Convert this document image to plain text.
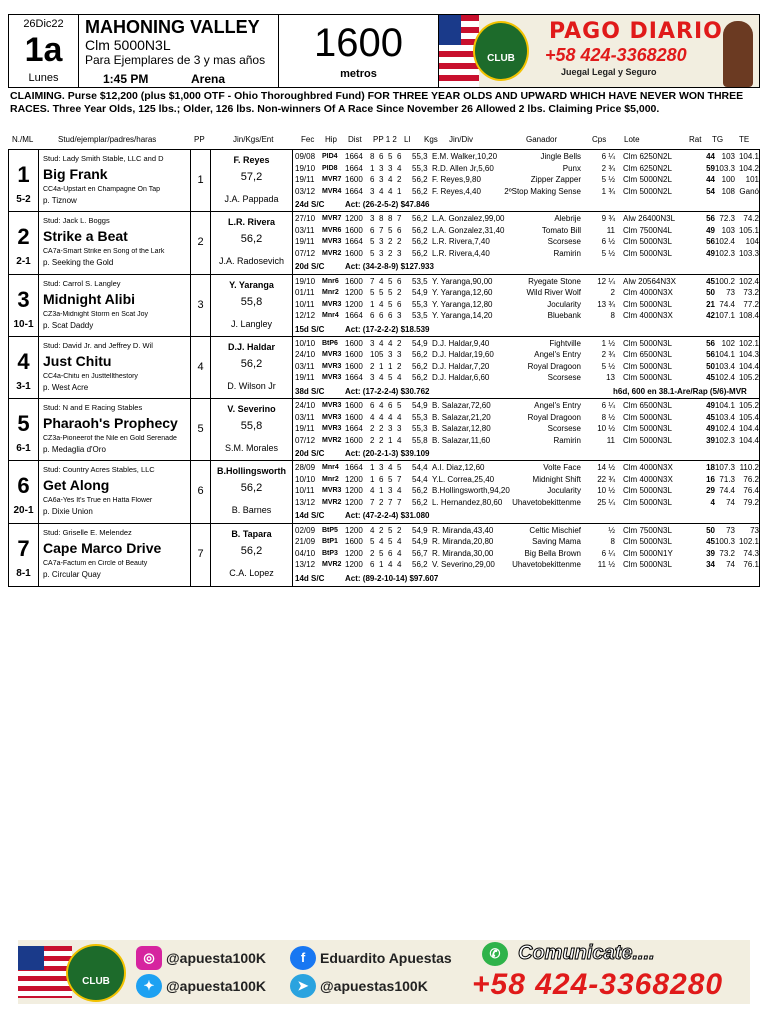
26Dic22
1a
Lunes
MAHONING VALLEY
Clm 5000N3L
Para Ejemplares de 3 y mas años
1:45 PM	Arena
1600
metros
CLUB
PAGO DIARIO
+58 424-3368280
Juegal Legal y Seguro
CLAIMING. Purse $12,200 (plus $1,000 OTF - Ohio Thoroughbred Fund) FOR THREE YEAR OLDS AND UPWARD WHICH HAVE NEVER WON THREE RACES. Three Year Olds, 125 lbs.; Older, 126 lbs. Non-winners Of A Race Since November 26 Allowed 2 lbs. Claiming Price $5,000.
N./ML	Stud/ejemplar/padres/haras	PP	Jin/Kgs/Ent	Fec Hip Dist PP 1 2 Ll Kgs Jin/Div	Ganador	Cps Lote	Rat TG TE
1
5-2
Stud: Lady Smith Stable, LLC and D
Big Frank
CC4a-Upstart en Champagne On Tap
p. Tiznow
1
F. Reyes
57,2
J.A. Pappada
09/08 PID4 1664 8 6 5 6 55,3 E.M. Walker,10,20	Jingle Bells	6 ¼ Clm 6250N2L	44 103 104.1
19/10 PID8 1664 1 3 3 4 55,3 R.D. Allen Jr,5,60	Punx	2 ¾ Clm 6250N2L	59 103.3 104.2
19/11 MVR7 1600 6 3 4 2 56,2 F. Reyes,9,80	Zipper Zapper	5 ½ Clm 5000N2L	44 100 101
03/12 MVR4 1664 3 4 4 1 56,2 F. Reyes,4,40	2ºStop Making Sense	1 ¾ Clm 5000N2L	54 108 Ganó
24d S/C	Act: (26-2-5-2) $47.846
2
2-1
Stud: Jack L. Boggs
Strike a Beat
CA7a-Smart Strike en Song of the Lark
p. Seeking the Gold
2
L.R. Rivera
56,2
J.A. Radosevich
27/10 MVR7 1200 3 8 8 7 56,2 L.A. Gonzalez,99,00	Alebrije	9 ¾ Alw 26400N3L	56 72.3 74.2
03/11 MVR6 1600 6 7 5 6 56,2 L.A. Gonzalez,31,40	Tomato Bill	11 Clm 7500N4L	49 103 105.1
19/11 MVR3 1664 5 3 2 2 56,2 L.R. Rivera,7,40	Scorsese	6 ½ Clm 5000N3L	56 102.4 104
07/12 MVR2 1600 5 3 2 3 56,2 L.R. Rivera,4,40	Ramirin	5 ½ Clm 5000N3L	49 102.3 103.3
20d S/C	Act: (34-2-8-9) $127.933
3
10-1
Stud: Carrol S. Langley
Midnight Alibi
CZ3a-Midnight Storm en Scat Joy
p. Scat Daddy
3
Y. Yaranga
55,8
J. Langley
19/10 Mnr6 1600 7 4 5 6 53,5 Y. Yaranga,90,00	Ryegate Stone 12 ¼ Alw 20564N3X	45 100.2 102.4
01/11 Mnr2 1200 5 5 5 2 54,9 Y. Yaranga,12,60	Wild River Wolf	2 Clm 4000N3X	50 73 73.2
10/11 MVR3 1200 1 4 5 6 55,3 Y. Yaranga,12,80	Jocularity 13 ¾ Clm 5000N3L	21 74.4 77.2
12/12 Mnr4 1664 6 6 6 3 53,5 Y. Yaranga,14,20	Bluebank	8 Clm 4000N3X	42 107.1 108.4
15d S/C	Act: (17-2-2-2) $18.539
4
3-1
Stud: David Jr. and Jeffrey D. Wil
Just Chitu
CC4a-Chitu en Justtellthestory
p. West Acre
4
D.J. Haldar
56,2
D. Wilson Jr
10/10 BtP6 1600 3 4 4 2 54,9 D.J. Haldar,9,40	Fightville	1 ½ Clm 5000N3L	56 102 102.1
24/10 MVR3 1600 10 5 3 3 56,2 D.J. Haldar,19,60	Angel's Entry	2 ¾ Clm 6500N3L	56 104.1 104.3
03/11 MVR3 1600 2 1 1 2 56,2 D.J. Haldar,7,20	Royal Dragoon	5 ½ Clm 5000N3L	50 103.4 104.4
19/11 MVR3 1664 3 4 5 4 56,2 D.J. Haldar,6,60	Scorsese	13 Clm 5000N3L	45 102.4 105.2
38d S/C	Act: (17-2-2-4) $30.762	h6d, 600 en 38.1-Are/Rap (5/6)-MVR
5
6-1
Stud: N and E Racing Stables
Pharaoh's Prophecy
CZ3a-Pioneerof the Nile en Gold Serenade
p. Medaglia d'Oro
5
V. Severino
55,8
S.M. Morales
24/10 MVR3 1600 6 4 6 5 54,9 B. Salazar,72,60	Angel's Entry	6 ¼ Clm 6500N3L	49 104.1 105.2
03/11 MVR3 1600 4 4 4 4 55,3 B. Salazar,21,20	Royal Dragoon	8 ½ Clm 5000N3L	45 103.4 105.4
19/11 MVR3 1664 2 2 3 3 55,3 B. Salazar,12,80	Scorsese 10 ½ Clm 5000N3L	49 102.4 104.4
07/12 MVR2 1600 2 2 1 4 55,8 B. Salazar,11,60	Ramirin	11 Clm 5000N3L	39 102.3 104.4
20d S/C	Act: (20-2-1-3) $39.109
6
20-1
Stud: Country Acres Stables, LLC
Get Along
CA6a-Yes It's True en Hatta Flower
p. Dixie Union
6
B.Hollingsworth
56,2
B. Barnes
28/09 Mnr4 1664 1 3 4 5 54,4 A.I. Diaz,12,60	Volte Face 14 ½ Clm 4000N3X	18 107.3 110.2
10/10 Mnr2 1200 1 6 5 7 54,4 Y.L. Correa,25,40	Midnight Shift 22 ¾ Clm 4000N3X	16 71.3 76.2
10/11 MVR3 1200 4 1 3 4 56,2 B.Hollingsworth,94,20	Jocularity 10 ½ Clm 5000N3L	29 74.4 76.4
13/12 MVR2 1200 7 2 7 7 56,2 L. Hernandez,80,60 Uhavetobekittenme 25 ¼ Clm 5000N3L	4 74 79.2
14d S/C	Act: (47-2-2-4) $31.080
7
8-1
Stud: Griselle E. Melendez
Cape Marco Drive
CA7a-Factum en Circle of Beauty
p. Circular Quay
7
B. Tapara
56,2
C.A. Lopez
02/09 BtP5 1200 4 2 5 2 54,9 R. Miranda,43,40	Celtic Mischief	½ Clm 7500N3L	50 73 73
21/09 BtP1 1600 5 4 5 4 54,9 R. Miranda,20,80	Saving Mama	8 Clm 5000N3L	45 100.3 102.1
04/10 BtP3 1200 2 5 6 4 56,7 R. Miranda,30,00	Big Bella Brown	6 ¼ Clm 5000N1Y	39 73.2 74.3
13/12 MVR2 1200 6 1 4 4 56,2 V. Severino,29,00 Uhavetobekittenme 11 ½ Clm 5000N3L	34 74 76.1
14d S/C	Act: (89-2-10-14) $97.607
CLUB
◎ @apuesta100K	f	Eduardito Apuestas
✦ @apuesta100K	➤ @apuestas100K
✆ Comunicate....
+58 424-3368280
